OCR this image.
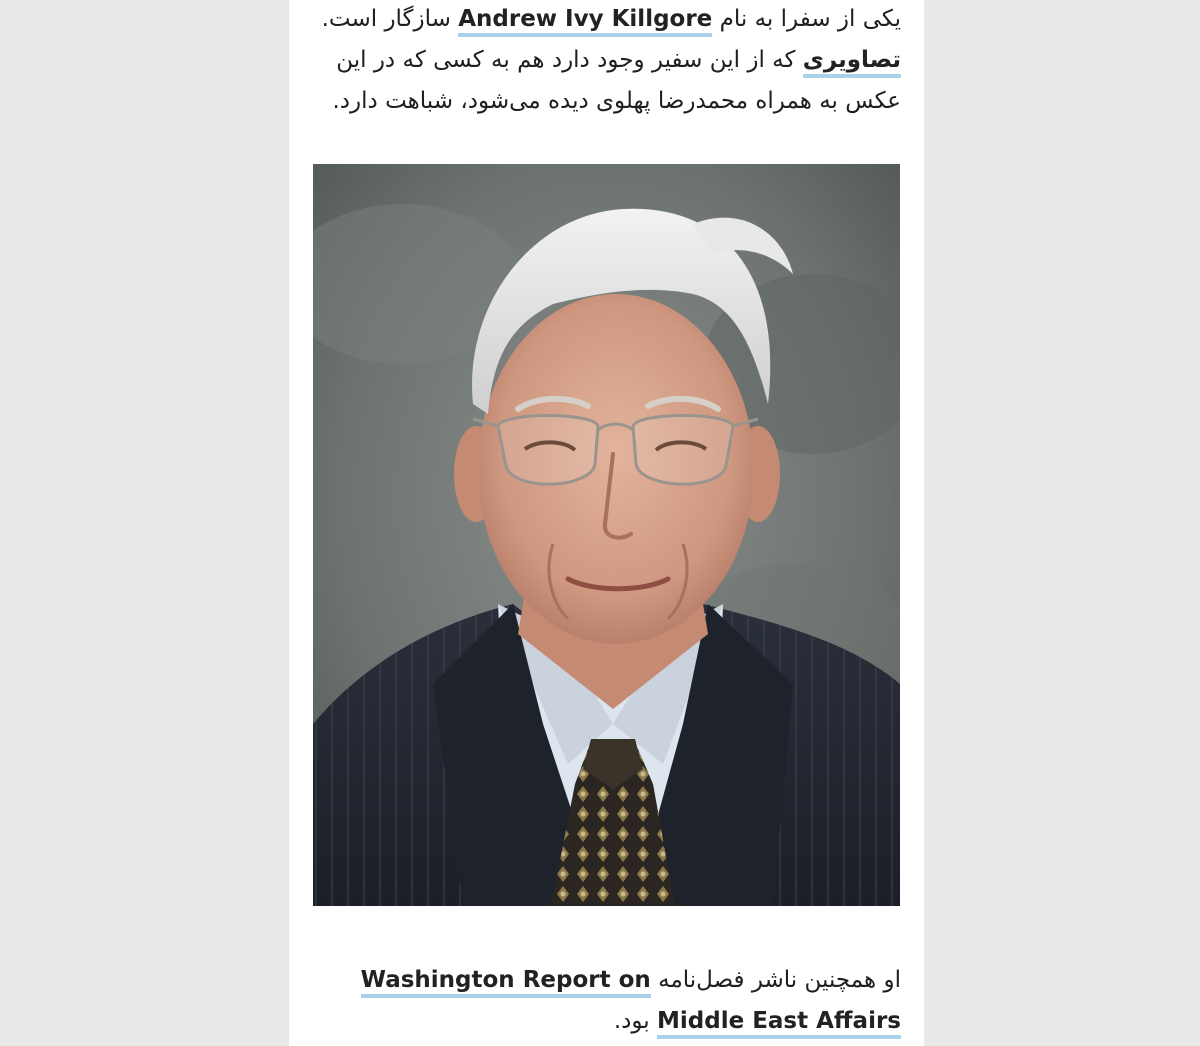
یکی از سفرا به نام Andrew Ivy Killgore سازگار است.
تصاویری که از این سفیر وجود دارد هم به کسی که در این عکس به همراه محمدرضا پهلوی دیده می‌شود، شباهت دارد.

او همچنین ناشر فصل‌نامه Washington Report on Middle East Affairs بود.
